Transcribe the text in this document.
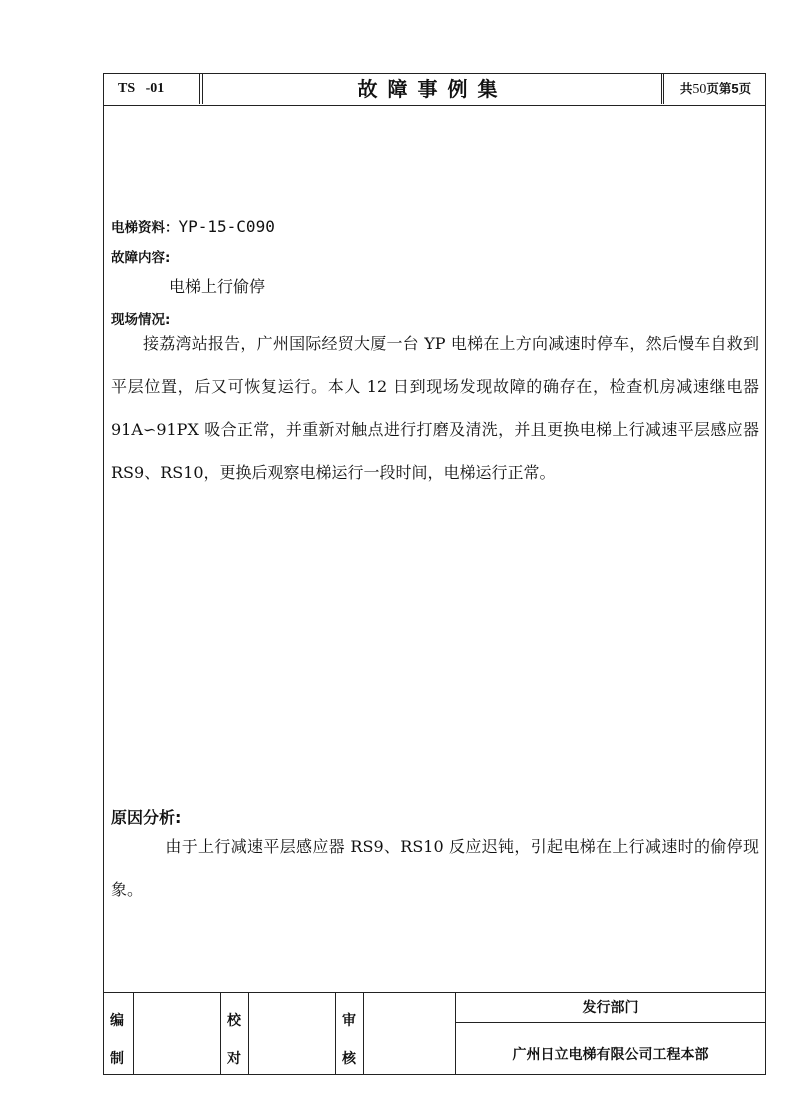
TS   -01	故障事例集	共50页第5页
电梯资料：YP-15-C090
故障内容:
电梯上行偷停
现场情况:
接荔湾站报告，广州国际经贸大厦一台 YP 电梯在上方向减速时停车，然后慢车自救到平层位置，后又可恢复运行。本人 12 日到现场发现故障的确存在，检查机房减速继电器 91A∽91PX 吸合正常，并重新对触点进行打磨及清洗，并且更换电梯上行减速平层感应器 RS9、RS10，更换后观察电梯运行一段时间，电梯运行正常。
原因分析:
由于上行减速平层感应器 RS9、RS10 反应迟钝，引起电梯在上行减速时的偷停现象。
编
制
校
对
审
核
发行部门
广州日立电梯有限公司工程本部
